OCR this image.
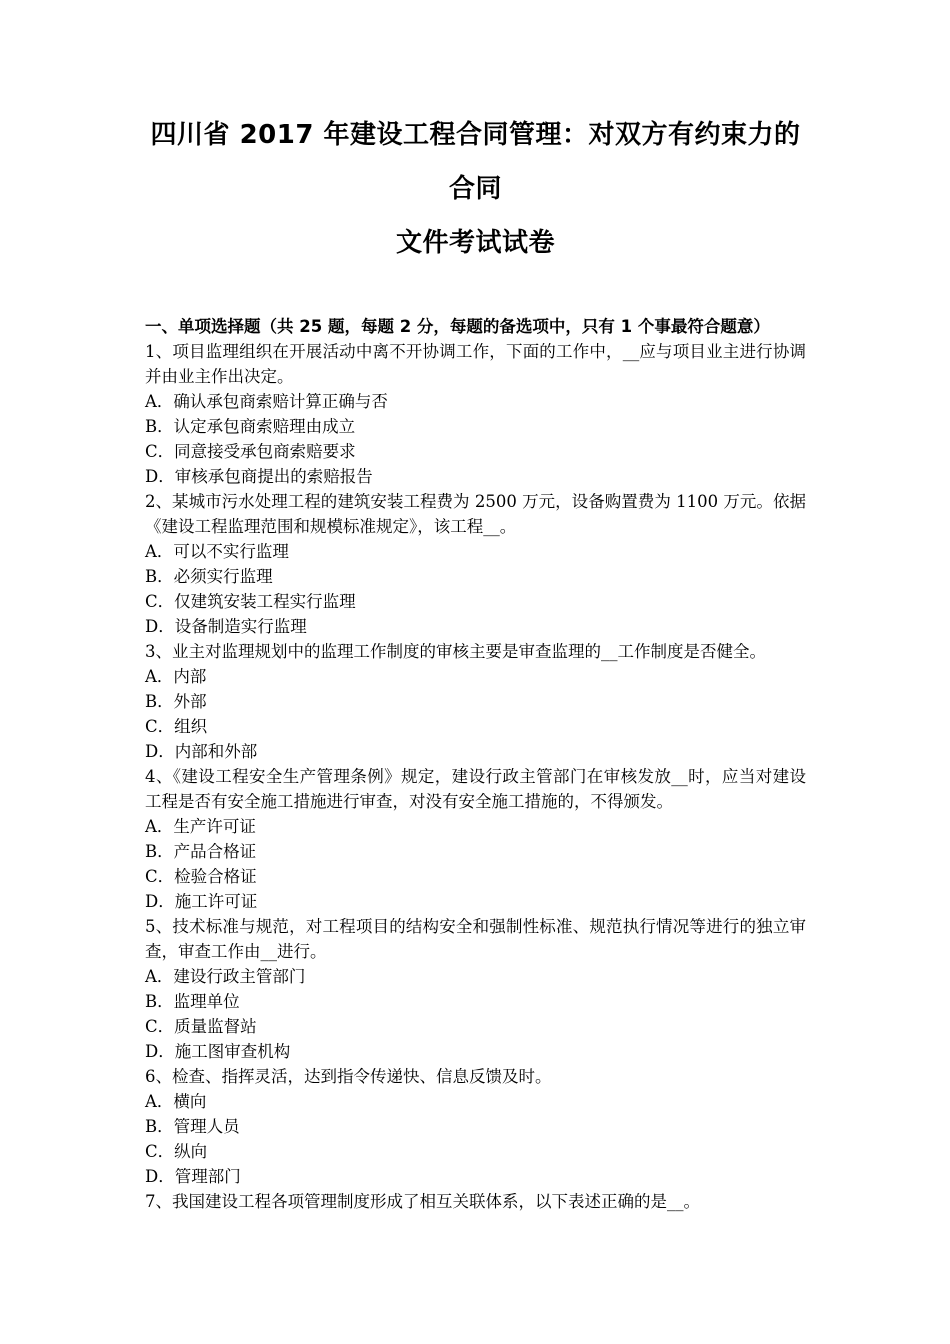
四川省 2017 年建设工程合同管理：对双方有约束力的合同
文件考试试卷
一、单项选择题（共 25 题，每题 2 分，每题的备选项中，只有 1 个事最符合题意）

1、项目监理组织在开展活动中离不开协调工作，下面的工作中，__应与项目业主进行协调并由业主作出决定。

A．确认承包商索赔计算正确与否

B．认定承包商索赔理由成立

C．同意接受承包商索赔要求

D．审核承包商提出的索赔报告

2、某城市污水处理工程的建筑安装工程费为 2500 万元，设备购置费为 1100 万元。依据《建设工程监理范围和规模标准规定》，该工程__。

A．可以不实行监理

B．必须实行监理

C．仅建筑安装工程实行监理

D．设备制造实行监理

3、业主对监理规划中的监理工作制度的审核主要是审查监理的__工作制度是否健全。

A．内部

B．外部

C．组织

D．内部和外部

4、《建设工程安全生产管理条例》规定，建设行政主管部门在审核发放__时，应当对建设工程是否有安全施工措施进行审查，对没有安全施工措施的，不得颁发。

A．生产许可证

B．产品合格证

C．检验合格证

D．施工许可证

5、技术标准与规范，对工程项目的结构安全和强制性标准、规范执行情况等进行的独立审查，审查工作由__进行。

A．建设行政主管部门

B．监理单位

C．质量监督站

D．施工图审查机构

6、检查、指挥灵活，达到指令传递快、信息反馈及时。

A．横向

B．管理人员

C．纵向

D．管理部门

7、我国建设工程各项管理制度形成了相互关联体系，以下表述正确的是__。
